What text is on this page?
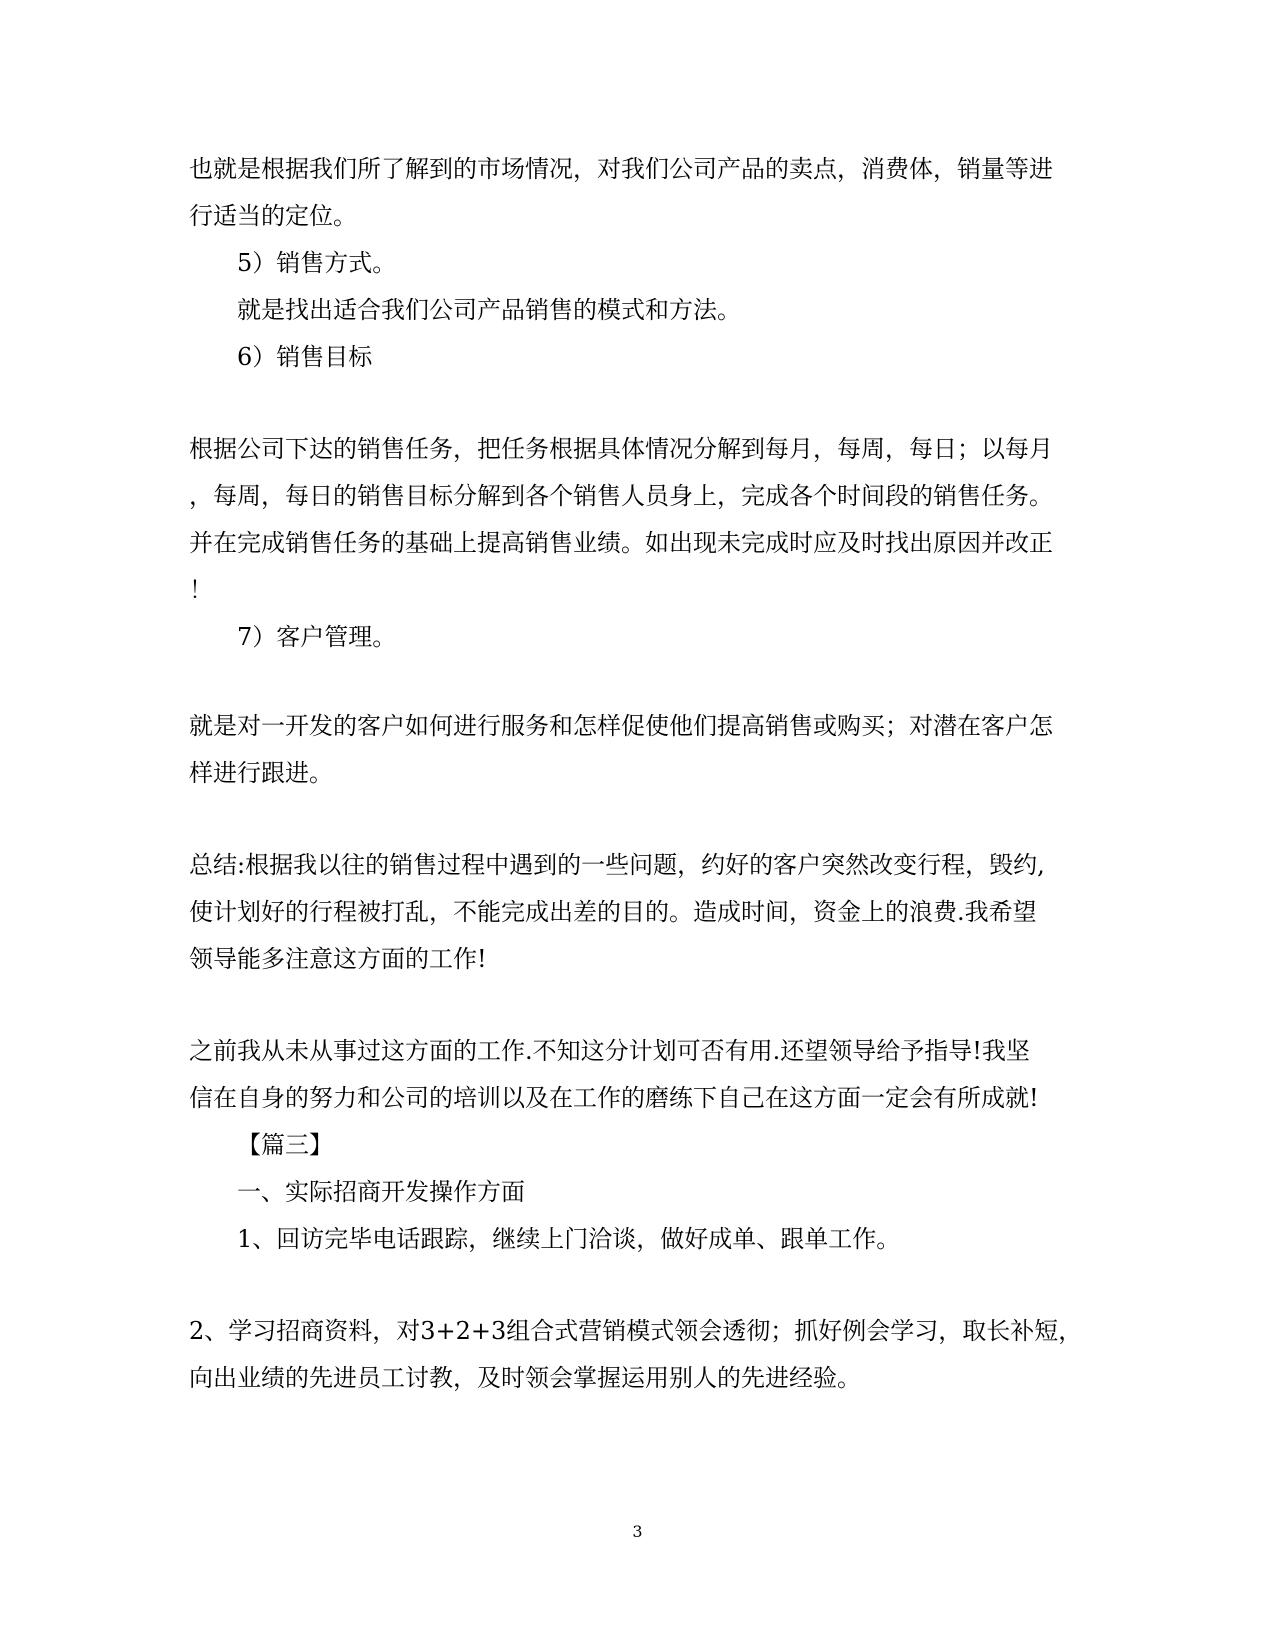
也就是根据我们所了解到的市场情况，对我们公司产品的卖点，消费体，销量等进
行适当的定位。
5）销售方式。
就是找出适合我们公司产品销售的模式和方法。
6）销售目标
根据公司下达的销售任务，把任务根据具体情况分解到每月，每周，每日；以每月
，每周，每日的销售目标分解到各个销售人员身上，完成各个时间段的销售任务。
并在完成销售任务的基础上提高销售业绩。如出现未完成时应及时找出原因并改正
！
7）客户管理。
就是对一开发的客户如何进行服务和怎样促使他们提高销售或购买；对潜在客户怎
样进行跟进。
总结:根据我以往的销售过程中遇到的一些问题，约好的客户突然改变行程，毁约,
使计划好的行程被打乱，不能完成出差的目的。造成时间，资金上的浪费.我希望
领导能多注意这方面的工作!
之前我从未从事过这方面的工作.不知这分计划可否有用.还望领导给予指导!我坚
信在自身的努力和公司的培训以及在工作的磨练下自己在这方面一定会有所成就!
【篇三】
一、实际招商开发操作方面
1、回访完毕电话跟踪，继续上门洽谈，做好成单、跟单工作。
2、学习招商资料，对3+2+3组合式营销模式领会透彻；抓好例会学习，取长补短，
向出业绩的先进员工讨教，及时领会掌握运用别人的先进经验。
3
